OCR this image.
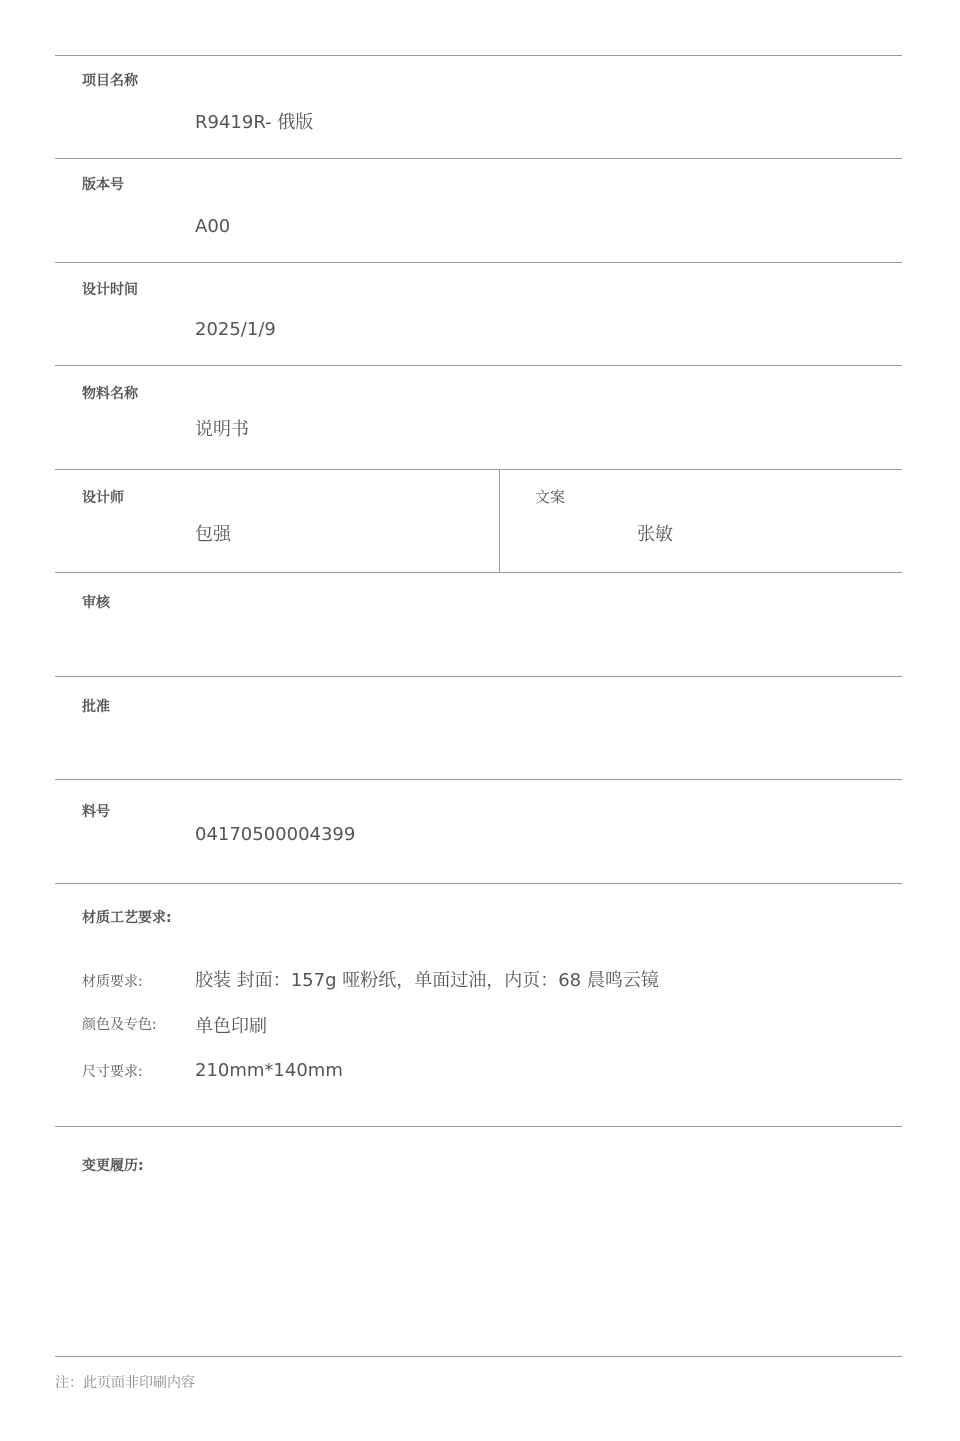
项目名称
R9419R- 俄版
版本号
A00
设计时间
2025/1/9
物料名称
说明书
设计师
包强
文案
张敏
审核
批准
料号
04170500004399
材质工艺要求:
材质要求:	胶装 封面：157g 哑粉纸，单面过油，内页：68 晨鸣云镜
颜色及专色: 单色印刷
尺寸要求:	210mm*140mm
变更履历:
注：此页面非印刷内容
